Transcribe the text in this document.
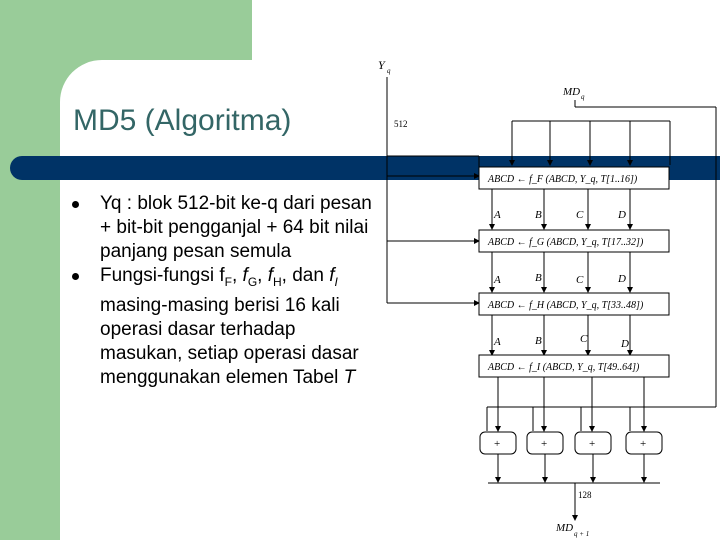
MD5 (Algoritma)
Yq : blok 512-bit ke-q dari pesan + bit-bit pengganjal + 64 bit nilai panjang pesan semula
Fungsi-fungsi $f_F$, $f_G$, $f_H$, dan $f_I$ masing-masing berisi 16 kali operasi dasar terhadap masukan, setiap operasi dasar menggunakan elemen Tabel T
Y q
512
MD q
ABCD ← f_F (ABCD, Y_q, T[1..16])
A	B	C	D
ABCD ← f_G (ABCD, Y_q, T[17..32])
A	B	C	D
ABCD ← f_H (ABCD, Y_q, T[33..48])
A	B	C	D
ABCD ← f_I (ABCD, Y_q, T[49..64])
+	+	+	+
128
MD q + 1
